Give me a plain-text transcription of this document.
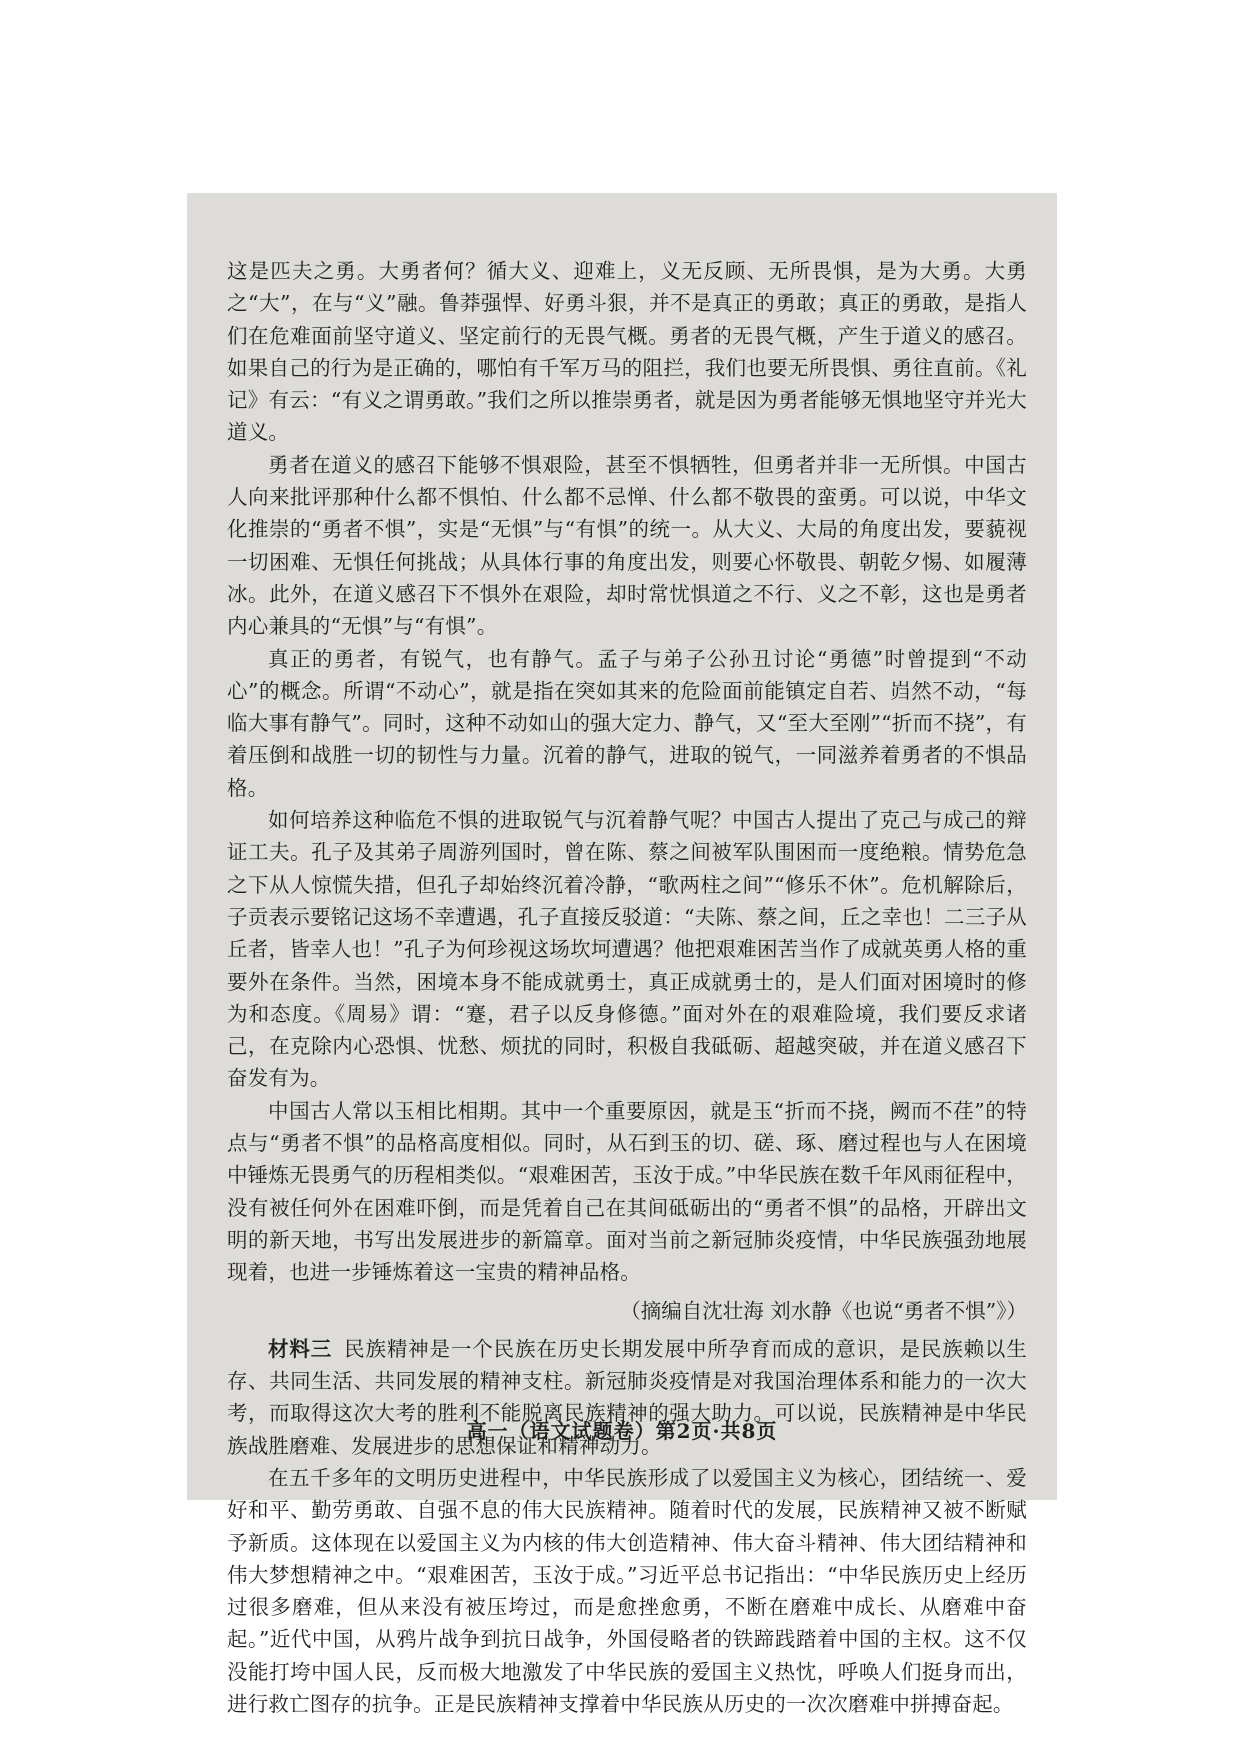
这是匹夫之勇。大勇者何？循大义、迎难上，义无反顾、无所畏惧，是为大勇。大勇之“大”，在与“义”融。鲁莽强悍、好勇斗狠，并不是真正的勇敢；真正的勇敢，是指人们在危难面前坚守道义、坚定前行的无畏气概。勇者的无畏气概，产生于道义的感召。如果自己的行为是正确的，哪怕有千军万马的阻拦，我们也要无所畏惧、勇往直前。《礼记》有云：“有义之谓勇敢。”我们之所以推崇勇者，就是因为勇者能够无惧地坚守并光大道义。

勇者在道义的感召下能够不惧艰险，甚至不惧牺牲，但勇者并非一无所惧。中国古人向来批评那种什么都不惧怕、什么都不忌惮、什么都不敬畏的蛮勇。可以说，中华文化推崇的“勇者不惧”，实是“无惧”与“有惧”的统一。从大义、大局的角度出发，要藐视一切困难、无惧任何挑战；从具体行事的角度出发，则要心怀敬畏、朝乾夕惕、如履薄冰。此外，在道义感召下不惧外在艰险，却时常忧惧道之不行、义之不彰，这也是勇者内心兼具的“无惧”与“有惧”。

真正的勇者，有锐气，也有静气。孟子与弟子公孙丑讨论“勇德”时曾提到“不动心”的概念。所谓“不动心”，就是指在突如其来的危险面前能镇定自若、岿然不动，“每临大事有静气”。同时，这种不动如山的强大定力、静气，又“至大至刚”“折而不挠”，有着压倒和战胜一切的韧性与力量。沉着的静气，进取的锐气，一同滋养着勇者的不惧品格。

如何培养这种临危不惧的进取锐气与沉着静气呢？中国古人提出了克己与成己的辩证工夫。孔子及其弟子周游列国时，曾在陈、蔡之间被军队围困而一度绝粮。情势危急之下从人惊慌失措，但孔子却始终沉着冷静，“歌两柱之间”“修乐不休”。危机解除后，子贡表示要铭记这场不幸遭遇，孔子直接反驳道：“夫陈、蔡之间，丘之幸也！二三子从丘者，皆幸人也！”孔子为何珍视这场坎坷遭遇？他把艰难困苦当作了成就英勇人格的重要外在条件。当然，困境本身不能成就勇士，真正成就勇士的，是人们面对困境时的修为和态度。《周易》谓：“蹇，君子以反身修德。”面对外在的艰难险境，我们要反求诸己，在克除内心恐惧、忧愁、烦扰的同时，积极自我砥砺、超越突破，并在道义感召下奋发有为。

中国古人常以玉相比相期。其中一个重要原因，就是玉“折而不挠，阙而不荏”的特点与“勇者不惧”的品格高度相似。同时，从石到玉的切、磋、琢、磨过程也与人在困境中锤炼无畏勇气的历程相类似。“艰难困苦，玉汝于成。”中华民族在数千年风雨征程中，没有被任何外在困难吓倒，而是凭着自己在其间砥砺出的“勇者不惧”的品格，开辟出文明的新天地，书写出发展进步的新篇章。面对当前之新冠肺炎疫情，中华民族强劲地展现着，也进一步锤炼着这一宝贵的精神品格。

（摘编自沈壮海 刘水静《也说“勇者不惧”》）

材料三 民族精神是一个民族在历史长期发展中所孕育而成的意识，是民族赖以生存、共同生活、共同发展的精神支柱。新冠肺炎疫情是对我国治理体系和能力的一次大考，而取得这次大考的胜利不能脱离民族精神的强大助力。可以说，民族精神是中华民族战胜磨难、发展进步的思想保证和精神动力。

在五千多年的文明历史进程中，中华民族形成了以爱国主义为核心，团结统一、爱好和平、勤劳勇敢、自强不息的伟大民族精神。随着时代的发展，民族精神又被不断赋予新质。这体现在以爱国主义为内核的伟大创造精神、伟大奋斗精神、伟大团结精神和伟大梦想精神之中。“艰难困苦，玉汝于成。”习近平总书记指出：“中华民族历史上经历过很多磨难，但从来没有被压垮过，而是愈挫愈勇，不断在磨难中成长、从磨难中奋起。”近代中国，从鸦片战争到抗日战争，外国侵略者的铁蹄践踏着中国的主权。这不仅没能打垮中国人民，反而极大地激发了中华民族的爱国主义热忱，呼唤人们挺身而出，进行救亡图存的抗争。正是民族精神支撑着中华民族从历史的一次次磨难中拼搏奋起。

高一（语文试题卷）第2页·共8页
